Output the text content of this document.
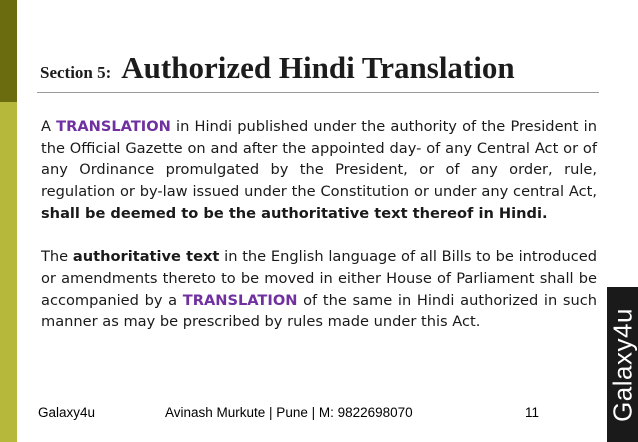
Section 5: Authorized Hindi Translation

A TRANSLATION in Hindi published under the authority of the President in the Official Gazette on and after the appointed day- of any Central Act or of any Ordinance promulgated by the President, or of any order, rule, regulation or by-law issued under the Constitution or under any central Act, shall be deemed to be the authoritative text thereof in Hindi.

The authoritative text in the English language of all Bills to be introduced or amendments thereto to be moved in either House of Parliament shall be accompanied by a TRANSLATION of the same in Hindi authorized in such manner as may be prescribed by rules made under this Act.

Galaxy4u	Avinash Murkute | Pune | M: 9822698070	11	Galaxy4u
